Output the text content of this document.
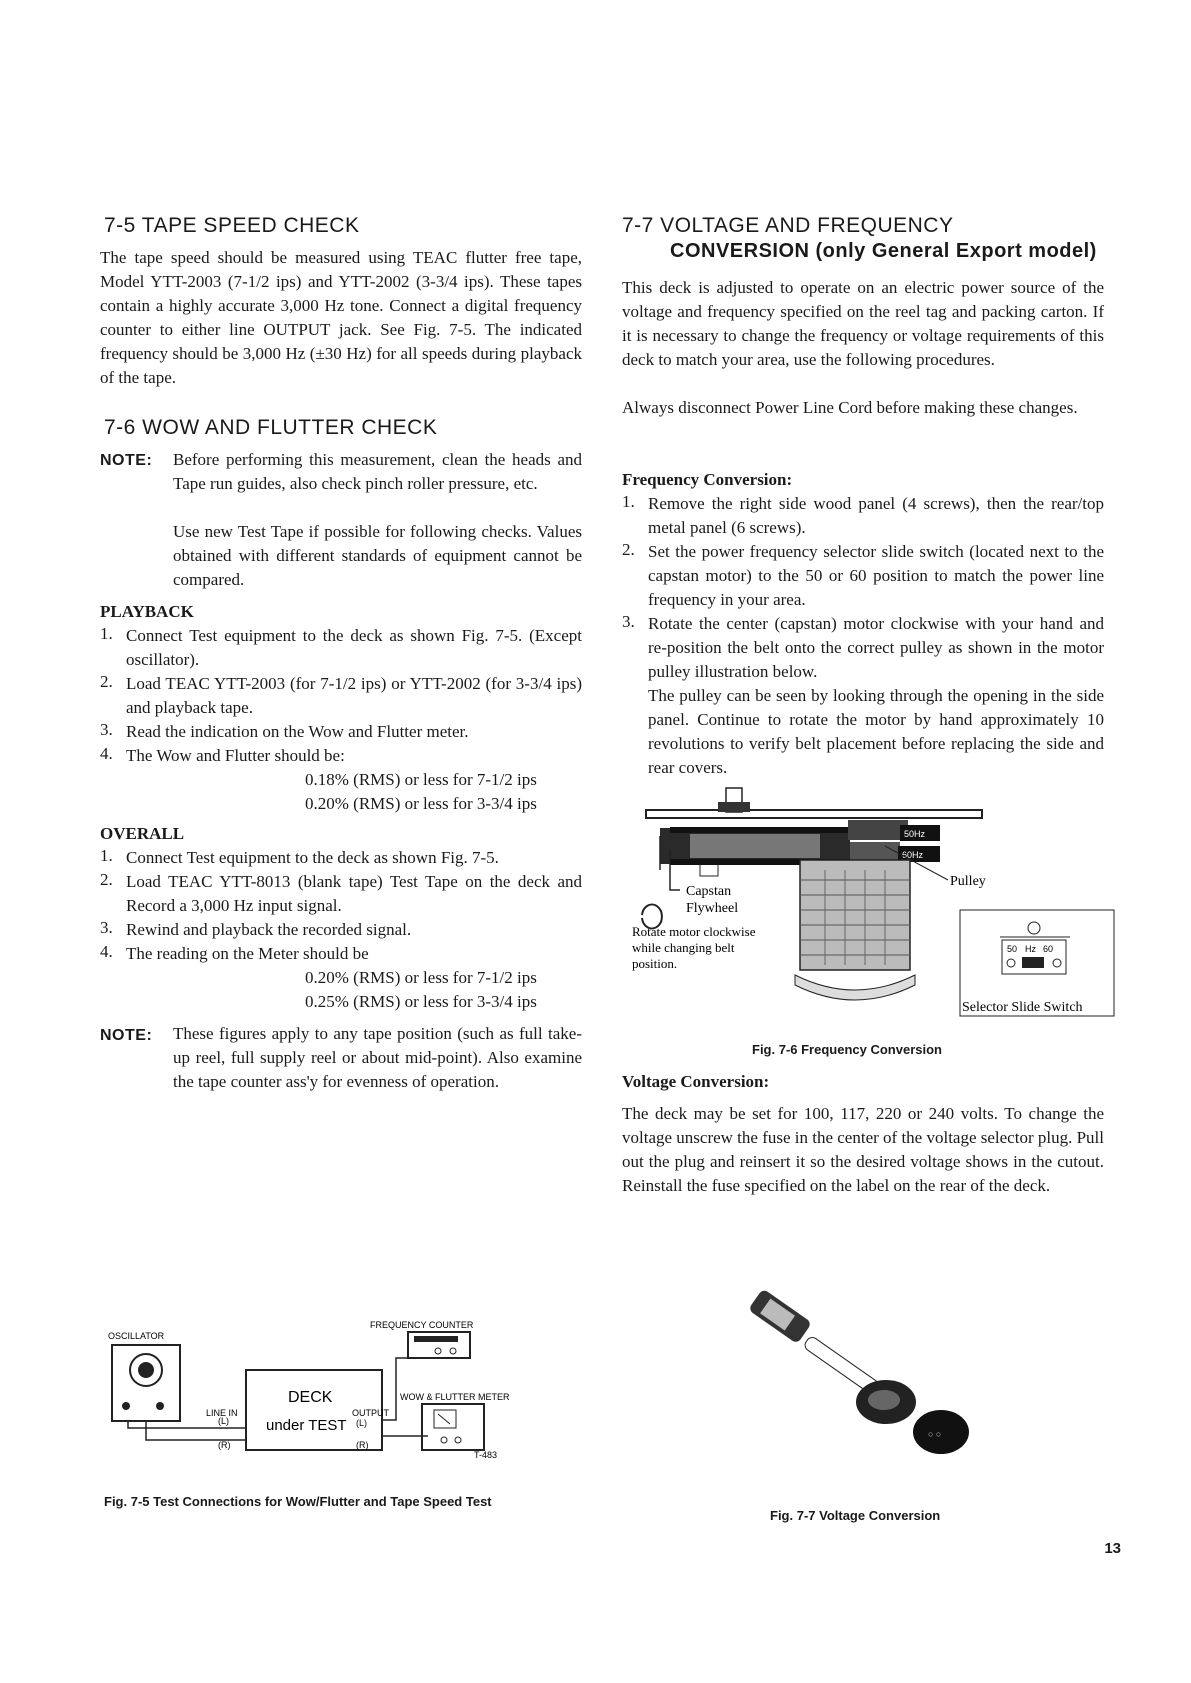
7-5 TAPE SPEED CHECK
The tape speed should be measured using TEAC flutter free tape, Model YTT-2003 (7-1/2 ips) and YTT-2002 (3-3/4 ips). These tapes contain a highly accurate 3,000 Hz tone. Connect a digital frequency counter to either line OUTPUT jack. See Fig. 7-5. The indicated frequency should be 3,000 Hz (±30 Hz) for all speeds during playback of the tape.
7-6 WOW AND FLUTTER CHECK
NOTE: Before performing this measurement, clean the heads and Tape run guides, also check pinch roller pressure, etc.
Use new Test Tape if possible for following checks. Values obtained with different standards of equipment cannot be compared.
PLAYBACK
1. Connect Test equipment to the deck as shown Fig. 7-5. (Except oscillator).
2. Load TEAC YTT-2003 (for 7-1/2 ips) or YTT-2002 (for 3-3/4 ips) and playback tape.
3. Read the indication on the Wow and Flutter meter.
4. The Wow and Flutter should be:
0.18% (RMS) or less for 7-1/2 ips
0.20% (RMS) or less for 3-3/4 ips
OVERALL
1. Connect Test equipment to the deck as shown Fig. 7-5.
2. Load TEAC YTT-8013 (blank tape) Test Tape on the deck and Record a 3,000 Hz input signal.
3. Rewind and playback the recorded signal.
4. The reading on the Meter should be
0.20% (RMS) or less for 7-1/2 ips
0.25% (RMS) or less for 3-3/4 ips
NOTE: These figures apply to any tape position (such as full take-up reel, full supply reel or about mid-point). Also examine the tape counter ass'y for evenness of operation.
7-7 VOLTAGE AND FREQUENCY
CONVERSION (only General Export model)
This deck is adjusted to operate on an electric power source of the voltage and frequency specified on the reel tag and packing carton. If it is necessary to change the frequency or voltage requirements of this deck to match your area, use the following procedures.
Always disconnect Power Line Cord before making these changes.
Frequency Conversion:
1. Remove the right side wood panel (4 screws), then the rear/top metal panel (6 screws).
2. Set the power frequency selector slide switch (located next to the capstan motor) to the 50 or 60 position to match the power line frequency in your area.
3. Rotate the center (capstan) motor clockwise with your hand and re-position the belt onto the correct pulley as shown in the motor pulley illustration below.
The pulley can be seen by looking through the opening in the side panel. Continue to rotate the motor by hand approximately 10 revolutions to verify belt placement before replacing the side and rear covers.
50Hz
60Hz
Capstan
Flywheel
Rotate motor clockwise
while changing belt
position.
Pulley
50 Hz 60
Selector Slide Switch
Fig. 7-6 Frequency Conversion
Voltage Conversion:
The deck may be set for 100, 117, 220 or 240 volts. To change the voltage unscrew the fuse in the center of the voltage selector plug. Pull out the plug and reinsert it so the desired voltage shows in the cutout. Reinstall the fuse specified on the label on the rear of the deck.
OSCILLATOR
LINE IN
(L)
(R)
DECK
under TEST
FREQUENCY COUNTER
WOW & FLUTTER METER
OUTPUT
(L)
(R)
T-483
Fig. 7-5 Test Connections for Wow/Flutter and Tape Speed Test
○ ○
Fig. 7-7 Voltage Conversion
13
